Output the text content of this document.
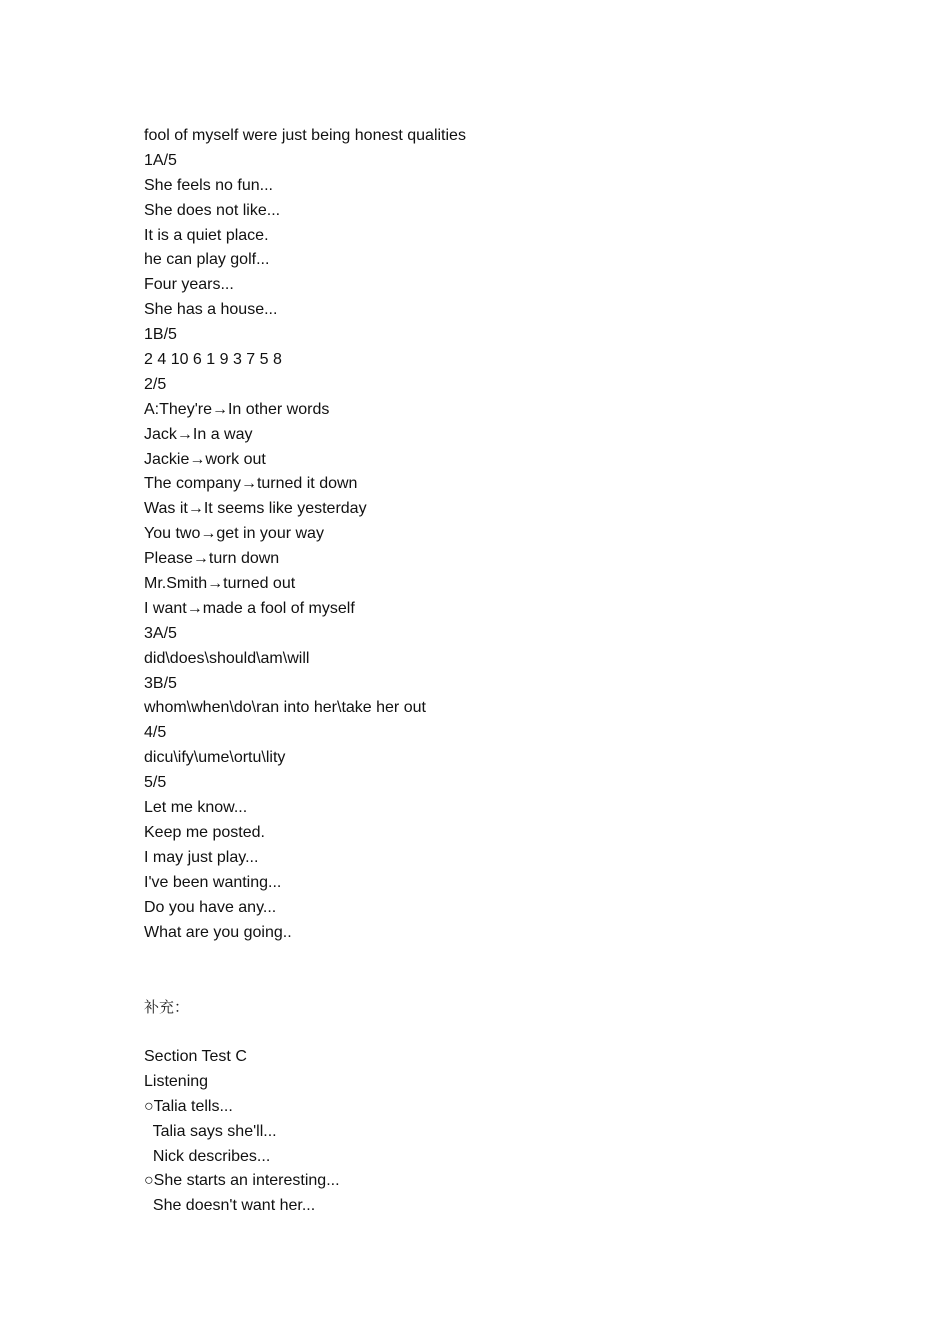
fool of myself were just being honest qualities
1A/5
She feels no fun...
She does not like...
It is a quiet place.
he can play golf...
Four years...
She has a house...
1B/5
2 4 10 6 1 9 3 7 5 8
2/5
A:They're→In other words
Jack→In a way
Jackie→work out
The company→turned it down
Was it→It seems like yesterday
You two→get in your way
Please→turn down
Mr.Smith→turned out
I want→made a fool of myself
3A/5
did\does\should\am\will
3B/5
whom\when\do\ran into her\take her out
4/5
dicu\ify\ume\ortu\lity
5/5
Let me know...
Keep me posted.
I may just play...
I've been wanting...
Do you have any...
What are you going..
补充：
Section Test C
Listening
○Talia tells...
Talia says she'll...
Nick describes...
○She starts an interesting...
She doesn't want her...
